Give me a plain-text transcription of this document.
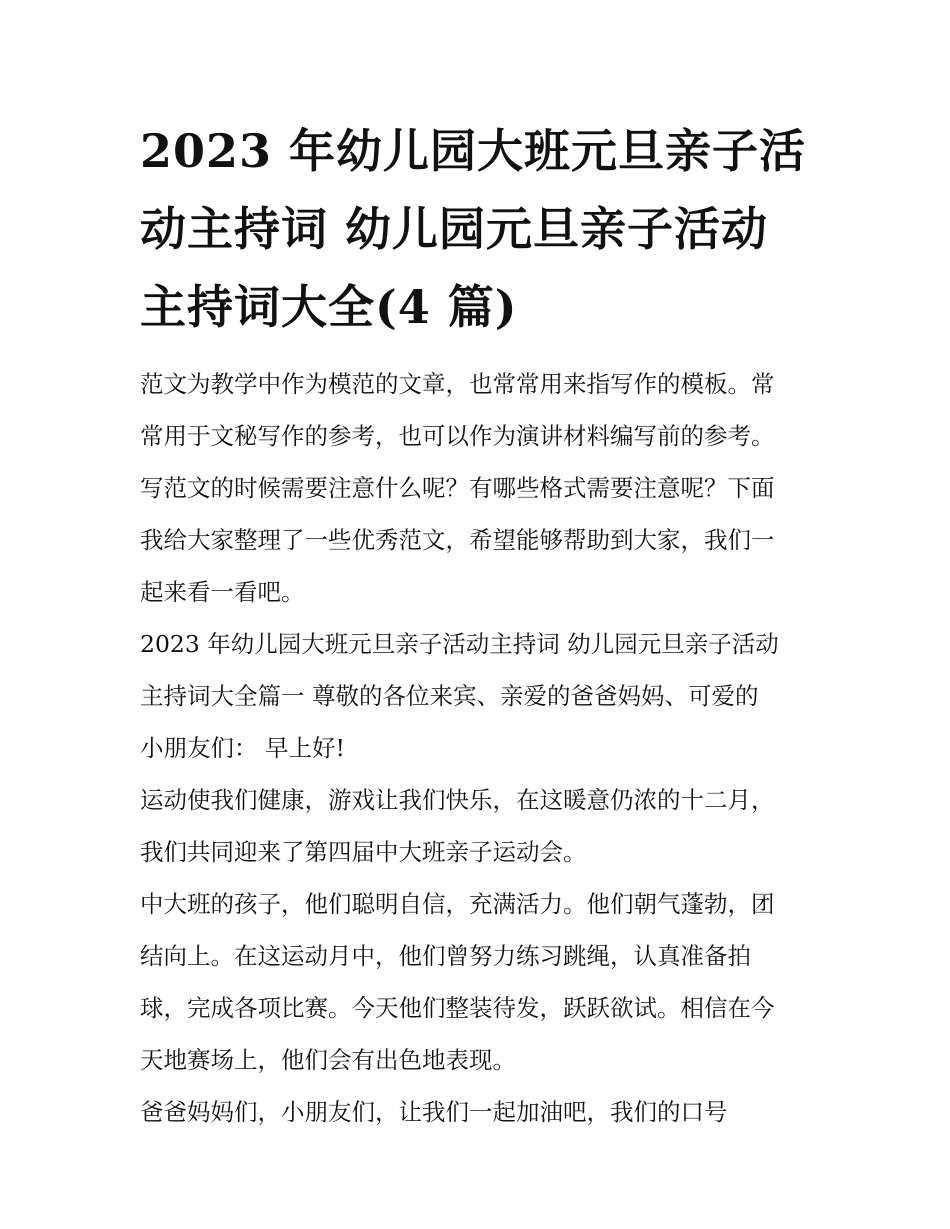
2023 年幼儿园大班元旦亲子活
动主持词 幼儿园元旦亲子活动
主持词大全(4 篇)

范文为教学中作为模范的文章，也常常用来指写作的模板。常
常用于文秘写作的参考，也可以作为演讲材料编写前的参考。
写范文的时候需要注意什么呢？有哪些格式需要注意呢？下面
我给大家整理了一些优秀范文，希望能够帮助到大家，我们一
起来看一看吧。

2023 年幼儿园大班元旦亲子活动主持词 幼儿园元旦亲子活动
主持词大全篇一 尊敬的各位来宾、亲爱的爸爸妈妈、可爱的
小朋友们： 早上好!

运动使我们健康，游戏让我们快乐，在这暖意仍浓的十二月，
我们共同迎来了第四届中大班亲子运动会。

中大班的孩子，他们聪明自信，充满活力。他们朝气蓬勃，团
结向上。在这运动月中，他们曾努力练习跳绳，认真准备拍
球，完成各项比赛。今天他们整装待发，跃跃欲试。相信在今
天地赛场上，他们会有出色地表现。

爸爸妈妈们，小朋友们，让我们一起加油吧，我们的口号
